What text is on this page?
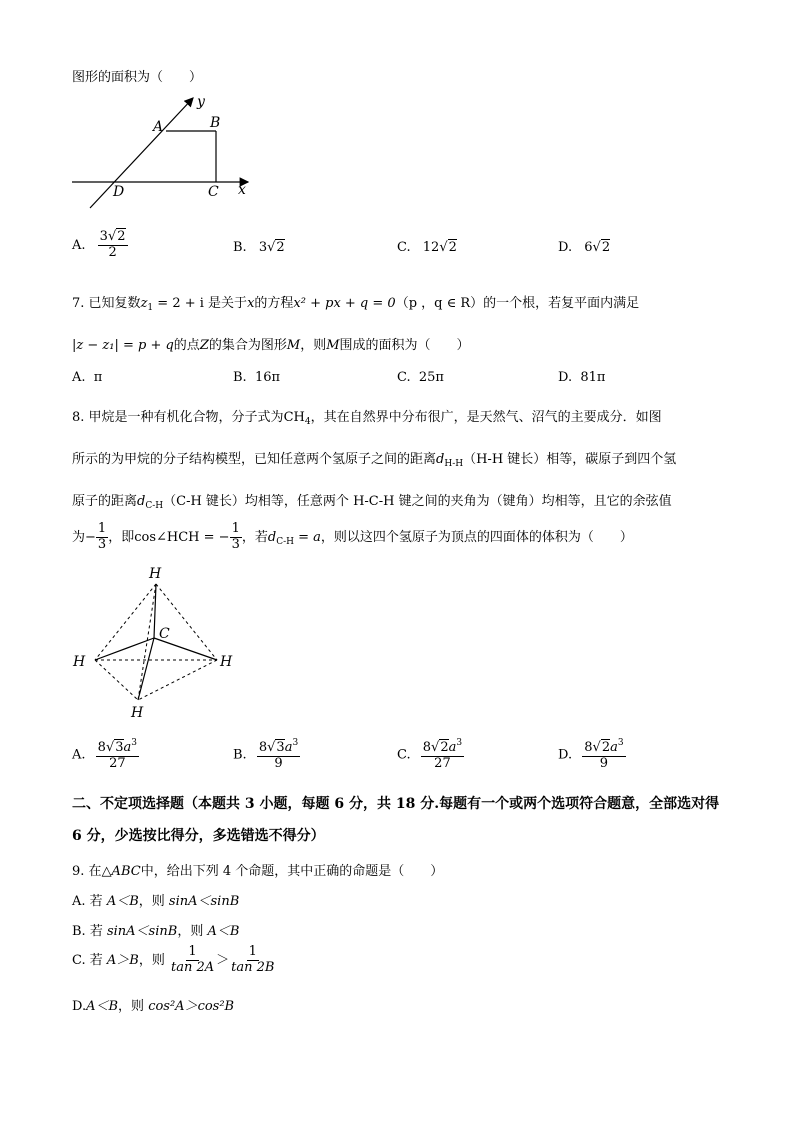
图形的面积为（　　）
y
A	B
D	C x
A. $\frac{3√2}{2}$	B. 3√2	C. 12√2	D. 6√2
7. 已知复数$z_1 = 2 + i$ 是关于x的方程x² + px + q = 0（p ，q ∈ R）的一个根，若复平面内满足
|z − z₁| = p + q的点Z的集合为图形M，则M围成的面积为（　　）
A. π	B. 16π	C. 25π	D. 81π
8. 甲烷是一种有机化合物，分子式为$CH_4$，其在自然界中分布很广，是天然气、沼气的主要成分．如图
所示的为甲烷的分子结构模型，已知任意两个氢原子之间的距离$d_{H-H}(H-H$ 键长）相等，碳原子到四个氢
原子的距离$d_{C-H}(C-H$ 键长）均相等，任意两个 H-C-H 键之间的夹角为（键角）均相等，且它的余弦值
为− $\frac{1}{3}$ ，即cos∠HCH = − $\frac{1}{3}$ ，若$d_{C-H} = a$，则以这四个氢原子为顶点的四面体的体积为（　　）
H
C
H	H
H
A. $\frac{8√3a^3}{27}$	B. $\frac{8√3a^3}{9}$	C. $\frac{8√2a^3}{27}$	D. $\frac{8√2a^3}{9}$
二、不定项选择题（本题共 3 小题，每题 6 分，共 18 分.每题有一个或两个选项符合题意，全部选对得 6 分，少选按比得分，多选错选不得分）
9. 在△ABC中，给出下列 4 个命题，其中正确的命题是（　　）
A. 若 A＜B，则 sinA＜sinB
B. 若 sinA＜sinB，则 A＜B
C. 若 A＞B，则 $\frac{1}{\tan 2A} > \frac{1}{\tan 2B}$
D.A＜B，则 cos²A＞cos²B
